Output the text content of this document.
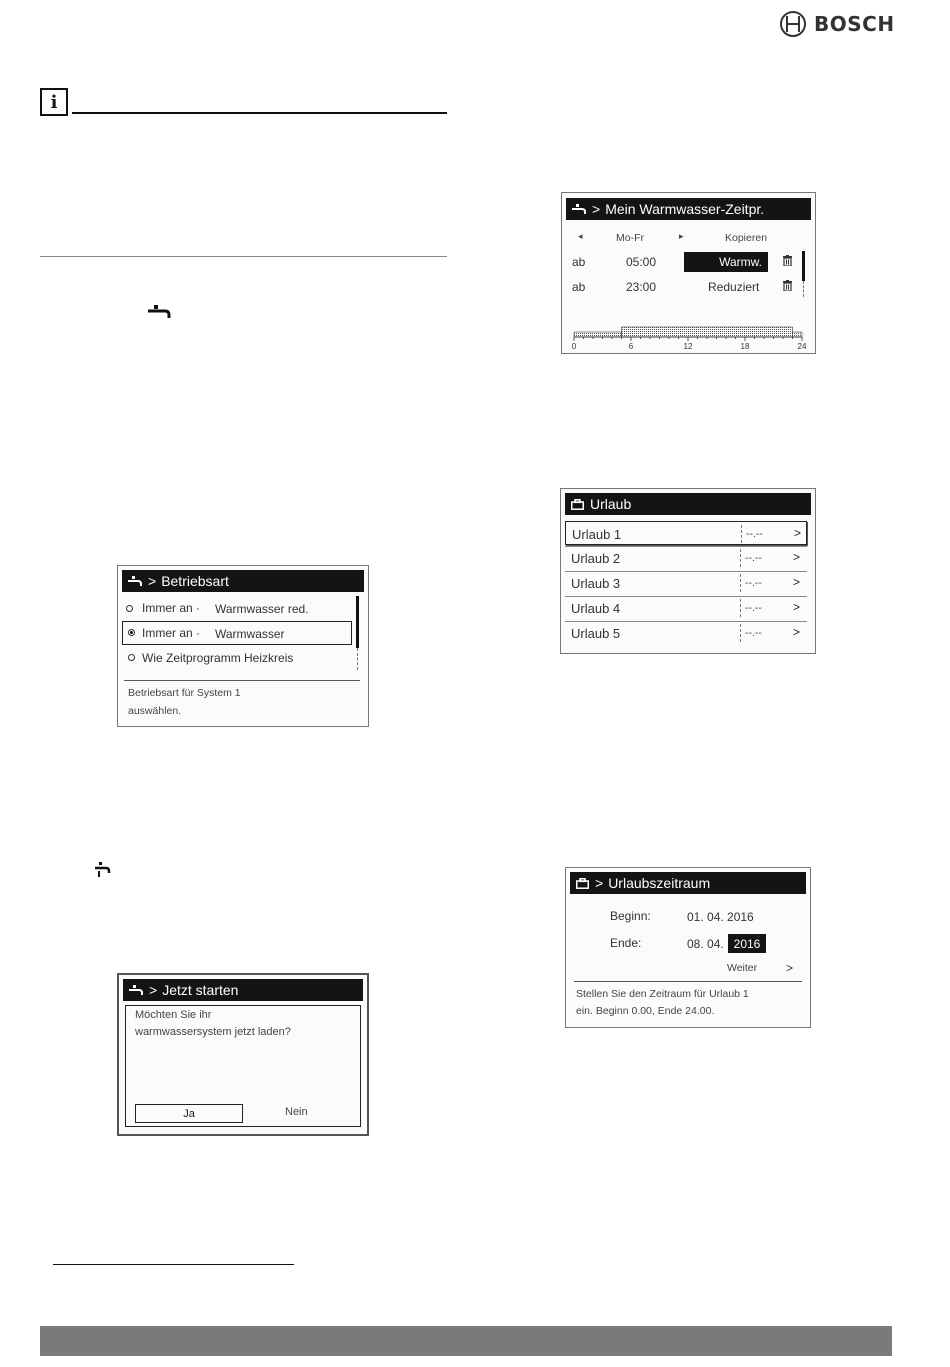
BOSCH
i
> Betriebsart
Immer an · Warmwasser red.
Immer an · Warmwasser
Wie Zeitprogramm Heizkreis
Betriebsart für System 1
auswählen.
> Jetzt starten
Möchten Sie ihr
warmwassersystem jetzt laden?
Ja	Nein
> Mein Warmwasser-Zeitpr.
◂	Mo-Fr	▸	Kopieren
ab	05:00	Warmw.
ab	23:00	Reduziert
0	6	12	18	24
Urlaub
Urlaub 1	--.--	>
Urlaub 2	--.--	>
Urlaub 3	--.--	>
Urlaub 4	--.--	>
Urlaub 5	--.--	>
> Urlaubszeitraum
Beginn:	01. 04. 2016
Ende:	08. 04. 2016
Weiter >
Stellen Sie den Zeitraum für Urlaub 1
ein. Beginn 0.00, Ende 24.00.
